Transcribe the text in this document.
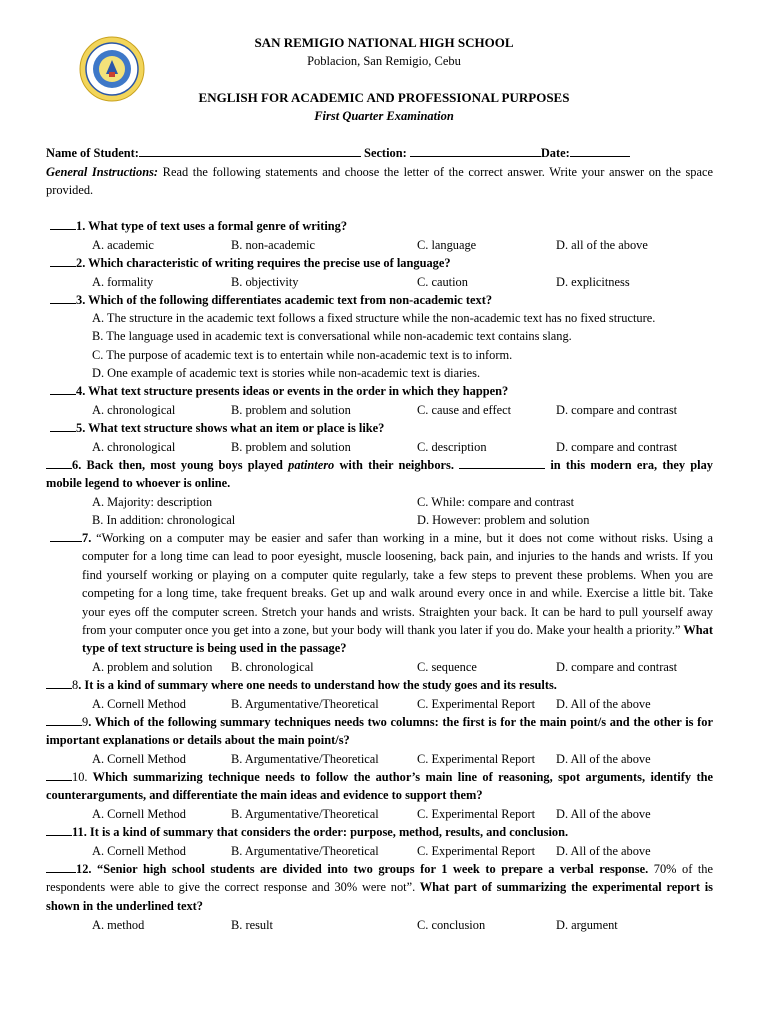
SAN REMIGIO NATIONAL HIGH SCHOOL
Poblacion, San Remigio, Cebu
ENGLISH FOR ACADEMIC AND PROFESSIONAL PURPOSES
First Quarter Examination
Name of Student:	Section:	Date:
General Instructions: Read the following statements and choose the letter of the correct answer. Write your answer on the space provided.
1. What type of text uses a formal genre of writing?
A. academic	B. non-academic	C. language	D. all of the above
2. Which characteristic of writing requires the precise use of language?
A. formality	B. objectivity	C. caution	D. explicitness
3. Which of the following differentiates academic text from non-academic text?
A. The structure in the academic text follows a fixed structure while the non-academic text has no fixed structure.
B. The language used in academic text is conversational while non-academic text contains slang.
C. The purpose of academic text is to entertain while non-academic text is to inform.
D. One example of academic text is stories while non-academic text is diaries.
4. What text structure presents ideas or events in the order in which they happen?
A. chronological	B. problem and solution	C. cause and effect	D. compare and contrast
5. What text structure shows what an item or place is like?
A. chronological	B. problem and solution	C. description	D. compare and contrast
6. Back then, most young boys played patintero with their neighbors.	in this modern era, they play mobile legend to whoever is online.
A. Majority: description	C. While: compare and contrast
B. In addition: chronological	D. However: problem and solution
7. “Working on a computer may be easier and safer than working in a mine, but it does not come without risks. Using a computer for a long time can lead to poor eyesight, muscle loosening, back pain, and injuries to the hands and wrists. If you find yourself working or playing on a computer quite regularly, take a few steps to prevent these problems. When you are competing for a long time, take frequent breaks. Get up and walk around every once in and while. Exercise a little bit. Take your eyes off the computer screen. Stretch your hands and wrists. Straighten your back. It can be hard to pull yourself away from your computer once you get into a zone, but your body will thank you later if you do. Make your health a priority.” What type of text structure is being used in the passage?
A. problem and solution B. chronological	C. sequence	D. compare and contrast
8. It is a kind of summary where one needs to understand how the study goes and its results.
A. Cornell Method	B. Argumentative/Theoretical	C. Experimental Report D. All of the above
9. Which of the following summary techniques needs two columns: the first is for the main point/s and the other is for important explanations or details about the main point/s?
A. Cornell Method	B. Argumentative/Theoretical	C. Experimental Report D. All of the above
10. Which summarizing technique needs to follow the author’s main line of reasoning, spot arguments, identify the counterarguments, and differentiate the main ideas and evidence to support them?
A. Cornell Method	B. Argumentative/Theoretical	C. Experimental Report D. All of the above
11. It is a kind of summary that considers the order: purpose, method, results, and conclusion.
A. Cornell Method	B. Argumentative/Theoretical	C. Experimental Report D. All of the above
12. “Senior high school students are divided into two groups for 1 week to prepare a verbal response. 70% of the respondents were able to give the correct response and 30% were not”. What part of summarizing the experimental report is shown in the underlined text?
A. method	B. result	C. conclusion	D. argument
